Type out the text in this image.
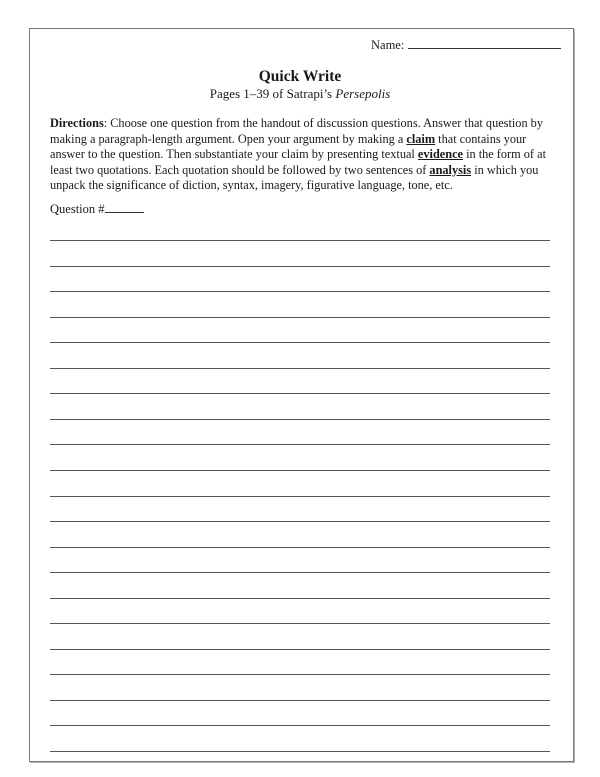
Name:
Quick Write
Pages 1–39 of Satrapi’s Persepolis
Directions: Choose one question from the handout of discussion questions. Answer that question by making a paragraph-length argument. Open your argument by making a claim that contains your answer to the question. Then substantiate your claim by presenting textual evidence in the form of at least two quotations. Each quotation should be followed by two sentences of analysis in which you unpack the significance of diction, syntax, imagery, figurative language, tone, etc.
Question #
